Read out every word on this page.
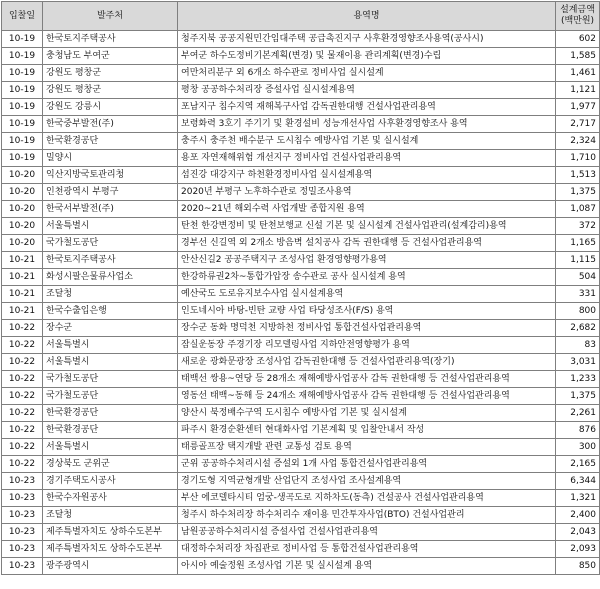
입찰일	발주처	용역명	설계금액
(백만원)
10-19	한국토지주택공사	청주지북 공공지원민간임대주택 공급촉진지구 사후환경영향조사용역(공사시)	602
10-19	충청남도 부여군	부여군 하수도정비기본계획(변경) 및 물재이용 관리계획(변경)수립	1,585
10-19	강원도 평창군	여만처리분구 외 6개소 하수관로 정비사업 실시설계	1,461
10-19	강원도 평창군	평창 공공하수처리장 증설사업 실시설계용역	1,121
10-19	강원도 강릉시	포남지구 침수지역 재해복구사업 감독권한대행 건설사업관리용역	1,977
10-19	한국중부발전(주)	보령화력 3호기 주기기 및 환경설비 성능개선사업 사후환경영향조사 용역	2,717
10-19	한국환경공단	충주시 충주천 배수분구 도시침수 예방사업 기본 및 실시설계	2,324
10-19	밀양시	용포 자연재해위험 개선지구 정비사업 건설사업관리용역	1,710
10-20	익산지방국토관리청	섬진강 대강지구 하천환경정비사업 실시설계용역	1,513
10-20	인천광역시 부평구	2020년 부평구 노후하수관로 정밀조사용역	1,375
10-20	한국서부발전(주)	2020~21년 해외수력 사업개발 종합지원 용역	1,087
10-20	서울특별시	탄천 한강변정비 및 탄천보행교 신설 기본 및 실시설계 건설사업관리(설계감리)용역	372
10-20	국가철도공단	경부선 신길역 외 2개소 방음벽 설치공사 감독 권한대행 등 건설사업관리용역	1,165
10-21	한국토지주택공사	안산신길2 공공주택지구 조성사업 환경영향평가용역	1,115
10-21	화성시팔은물류사업소	한강하류권2차~통합가압장 송수관로 공사 실시설계 용역	504
10-21	조달청	예산국도 도로유지보수사업 실시설계용역	331
10-21	한국수출입은행	인도네시아 바탕-빈탄 교량 사업 타당성조사(F/S) 용역	800
10-22	장수군	장수군 동화 명덕천 지방하천 정비사업 통합건설사업관리용역	2,682
10-22	서울특별시	잠실운동장 주경기장 리모델링사업 지하안전영향평가 용역	83
10-22	서울특별시	새로운 광화문광장 조성사업 감독권한대행 등 건설사업관리용역(장기)	3,031
10-22	국가철도공단	태백선 쌍용~연당 등 28개소 재해예방사업공사 감독 권한대행 등 건설사업관리용역	1,233
10-22	국가철도공단	영동선 태백~동해 등 24개소 재해예방사업공사 감독 권한대행 등 건설사업관리용역	1,375
10-22	한국환경공단	양산시 북정배수구역 도시침수 예방사업 기본 및 실시설계	2,261
10-22	한국환경공단	파주시 환경순환센터 현대화사업 기본계획 및 입찰안내서 작성	876
10-22	서울특별시	태릉골프장 택지개발 관련 교통성 검토 용역	300
10-22	경상북도 군위군	군위 공공하수처리시설 증설외 1개 사업 통합건설사업관리용역	2,165
10-23	경기주택도시공사	경기도형 지역균형개발 산업단지 조성사업 조사설계용역	6,344
10-23	한국수자원공사	부산 에코델타시티 엄궁-생곡도로 지하차도(동측) 건설공사 건설사업관리용역	1,321
10-23	조달청	청주시 하수처리장 하수처리수 재이용 민간투자사업(BTO) 건설사업관리	2,400
10-23	제주특별자치도 상하수도본부	남원공공하수처리시설 증설사업 건설사업관리용역	2,043
10-23	제주특별자치도 상하수도본부	대정하수처리장 차집관로 정비사업 등 통합건설사업관리용역	2,093
10-23	광주광역시	아시아 예술정원 조성사업 기본 및 실시설계 용역	850
